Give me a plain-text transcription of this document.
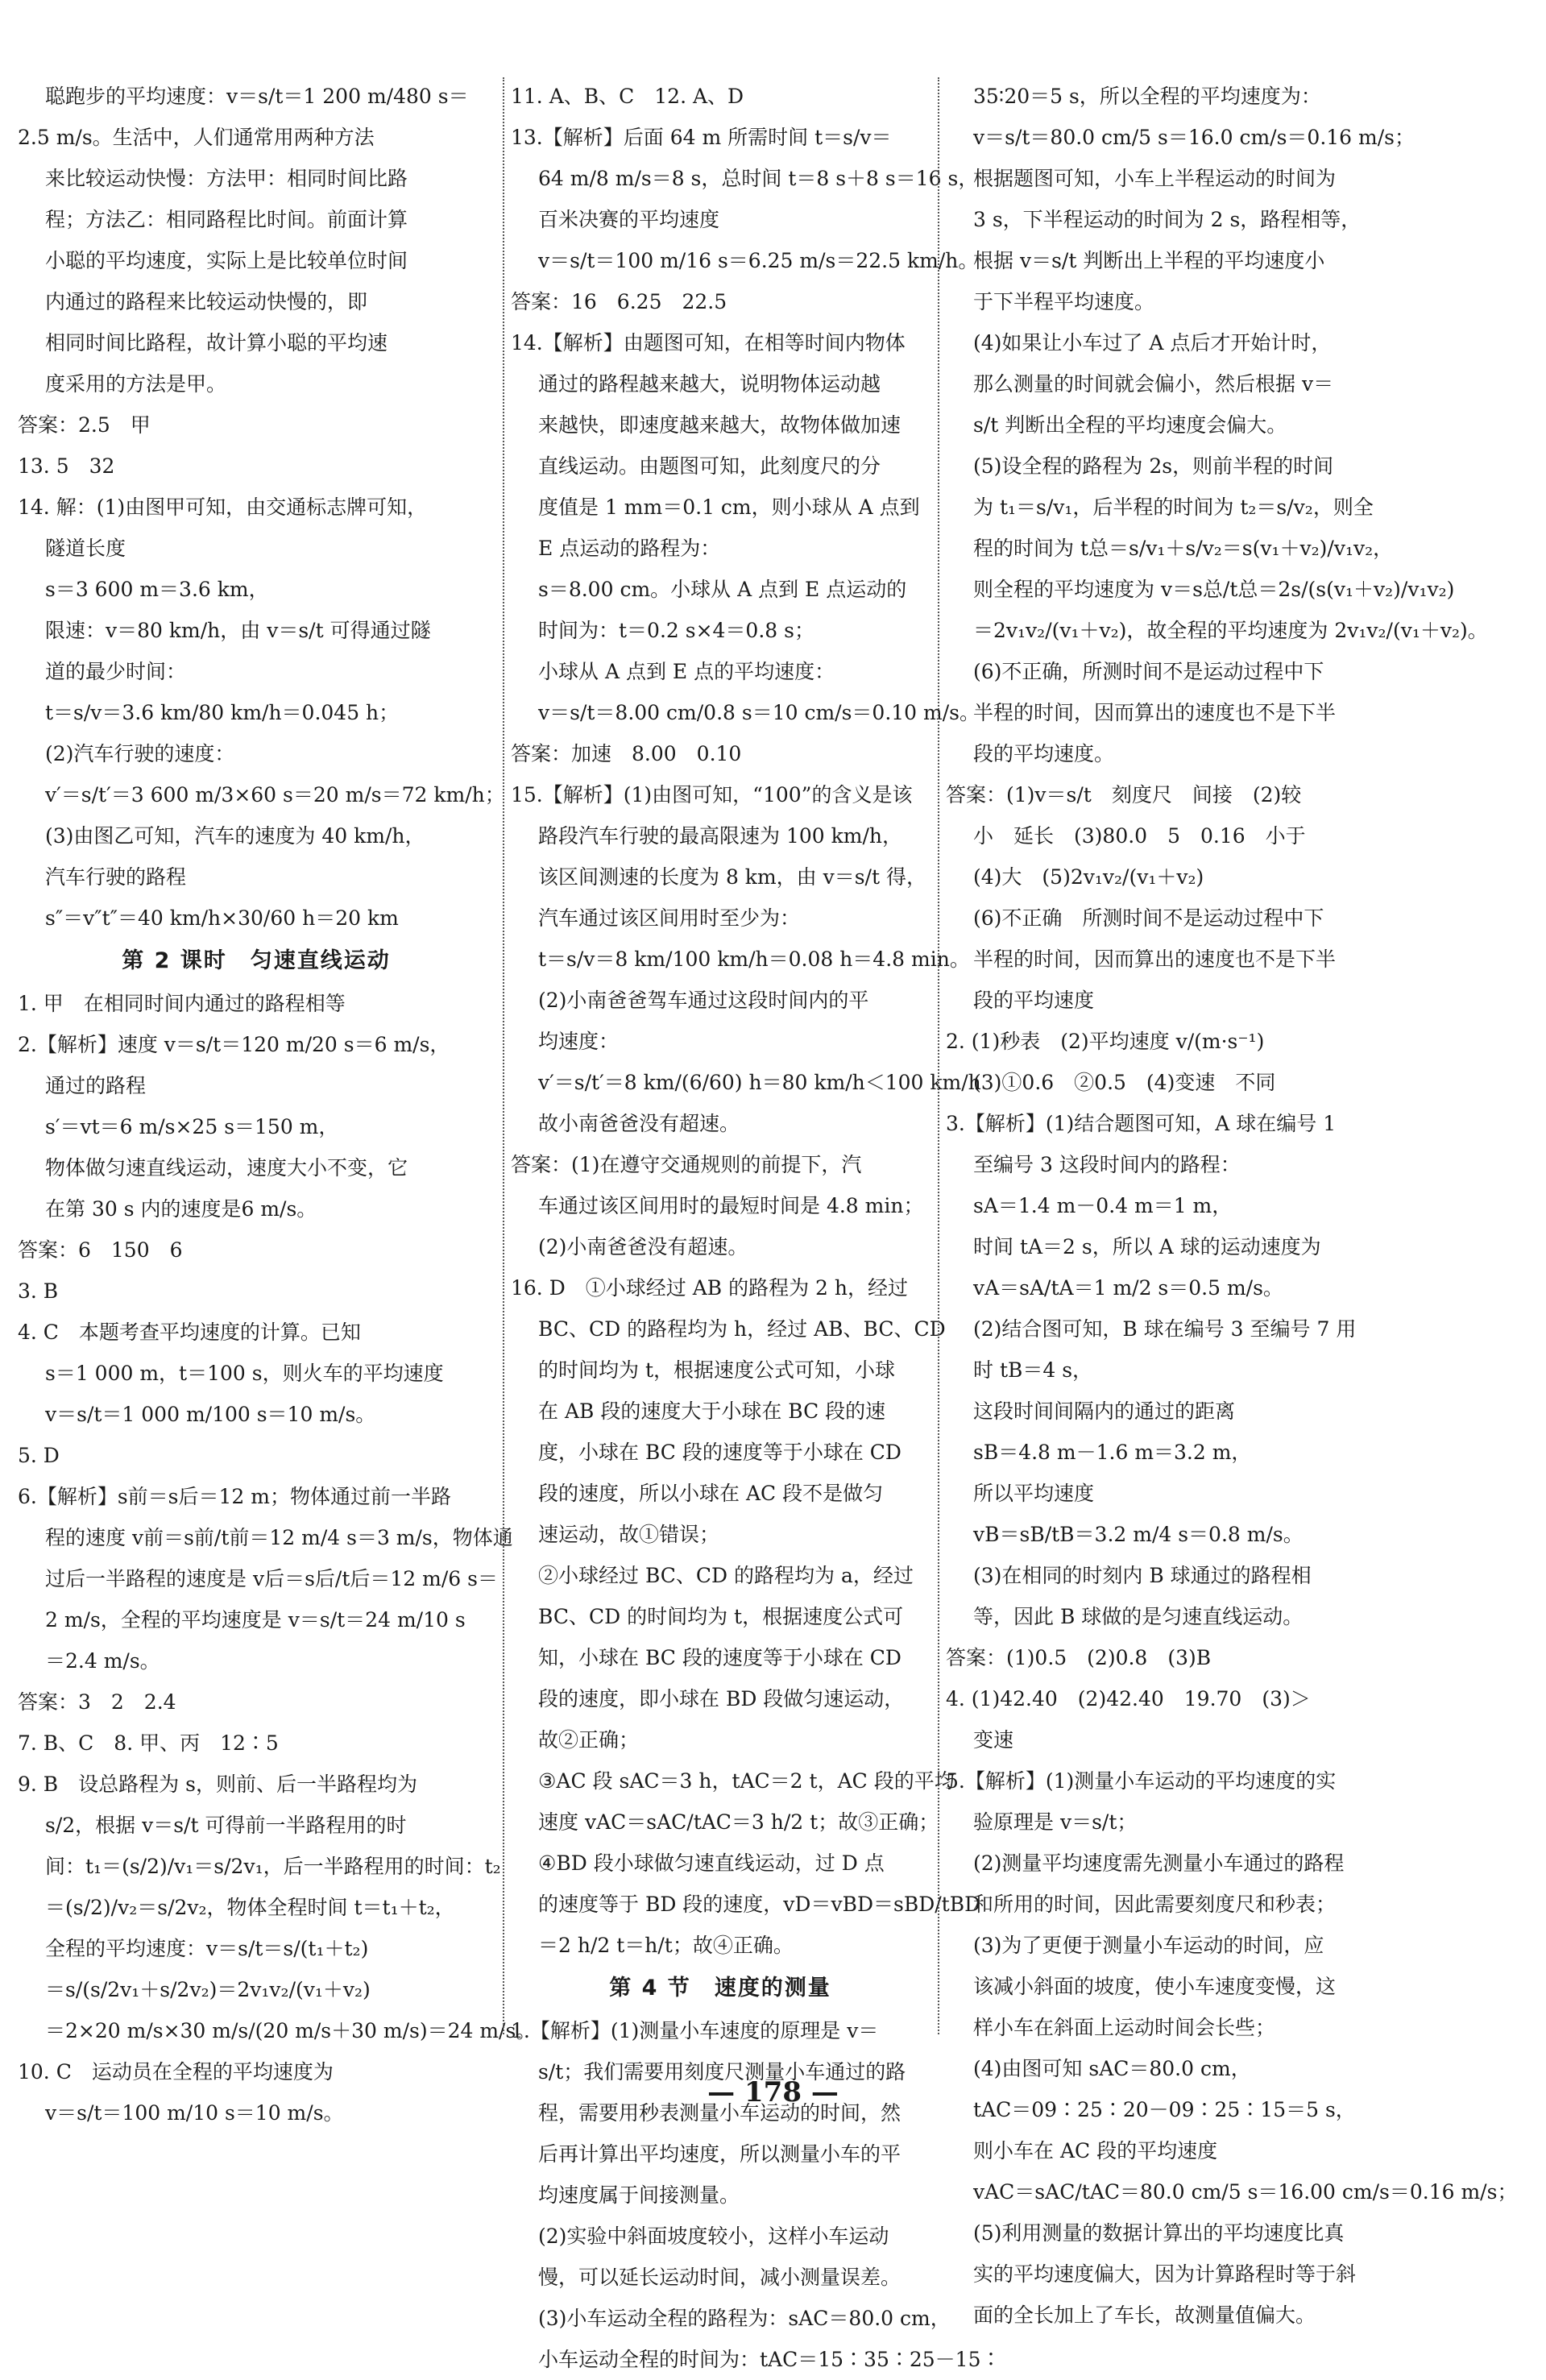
聪跑步的平均速度：v＝s/t＝1 200 m/480 s＝

2.5 m/s。生活中，人们通常用两种方法

来比较运动快慢：方法甲：相同时间比路

程；方法乙：相同路程比时间。前面计算

小聪的平均速度，实际上是比较单位时间

内通过的路程来比较运动快慢的，即

相同时间比路程，故计算小聪的平均速

度采用的方法是甲。

答案：2.5　甲

13. 5　32

14. 解：(1)由图甲可知，由交通标志牌可知，

隧道长度

s＝3 600 m＝3.6 km，

限速：v＝80 km/h，由 v＝s/t 可得通过隧

道的最少时间：

t＝s/v＝3.6 km/80 km/h＝0.045 h；

(2)汽车行驶的速度：

v′＝s/t′＝3 600 m/3×60 s＝20 m/s＝72 km/h；

(3)由图乙可知，汽车的速度为 40 km/h，

汽车行驶的路程

s″＝v″t″＝40 km/h×30/60 h＝20 km

第 2 课时　匀速直线运动

1. 甲　在相同时间内通过的路程相等

2.【解析】速度 v＝s/t＝120 m/20 s＝6 m/s，

通过的路程

s′＝vt＝6 m/s×25 s＝150 m，

物体做匀速直线运动，速度大小不变，它

在第 30 s 内的速度是6 m/s。

答案：6　150　6

3. B

4. C　本题考查平均速度的计算。已知

s＝1 000 m，t＝100 s，则火车的平均速度

v＝s/t＝1 000 m/100 s＝10 m/s。

5. D

6.【解析】s前＝s后＝12 m；物体通过前一半路

程的速度 v前＝s前/t前＝12 m/4 s＝3 m/s，物体通

过后一半路程的速度是 v后＝s后/t后＝12 m/6 s＝

2 m/s，全程的平均速度是 v＝s/t＝24 m/10 s

＝2.4 m/s。

答案：3　2　2.4

7. B、C　8. 甲、丙　12∶5

9. B　设总路程为 s，则前、后一半路程均为

s/2，根据 v＝s/t 可得前一半路程用的时

间：t₁＝(s/2)/v₁＝s/2v₁，后一半路程用的时间：t₂

＝(s/2)/v₂＝s/2v₂，物体全程时间 t＝t₁＋t₂，

全程的平均速度：v＝s/t＝s/(t₁＋t₂)

＝s/(s/2v₁＋s/2v₂)＝2v₁v₂/(v₁＋v₂)

＝2×20 m/s×30 m/s/(20 m/s＋30 m/s)＝24 m/s。

10. C　运动员在全程的平均速度为

v＝s/t＝100 m/10 s＝10 m/s。

11. A、B、C　12. A、D

13.【解析】后面 64 m 所需时间 t＝s/v＝

64 m/8 m/s＝8 s，总时间 t＝8 s＋8 s＝16 s，

百米决赛的平均速度

v＝s/t＝100 m/16 s＝6.25 m/s＝22.5 km/h。

答案：16　6.25　22.5

14.【解析】由题图可知，在相等时间内物体

通过的路程越来越大，说明物体运动越

来越快，即速度越来越大，故物体做加速

直线运动。由题图可知，此刻度尺的分

度值是 1 mm＝0.1 cm，则小球从 A 点到

E 点运动的路程为：

s＝8.00 cm。小球从 A 点到 E 点运动的

时间为：t＝0.2 s×4＝0.8 s；

小球从 A 点到 E 点的平均速度：

v＝s/t＝8.00 cm/0.8 s＝10 cm/s＝0.10 m/s。

答案：加速　8.00　0.10

15.【解析】(1)由图可知，“100”的含义是该

路段汽车行驶的最高限速为 100 km/h，

该区间测速的长度为 8 km，由 v＝s/t 得，

汽车通过该区间用时至少为：

t＝s/v＝8 km/100 km/h＝0.08 h＝4.8 min。

(2)小南爸爸驾车通过这段时间内的平

均速度：

v′＝s/t′＝8 km/(6/60) h＝80 km/h＜100 km/h

故小南爸爸没有超速。

答案：(1)在遵守交通规则的前提下，汽

车通过该区间用时的最短时间是 4.8 min；

(2)小南爸爸没有超速。

16. D　①小球经过 AB 的路程为 2 h，经过

BC、CD 的路程均为 h，经过 AB、BC、CD

的时间均为 t，根据速度公式可知，小球

在 AB 段的速度大于小球在 BC 段的速

度，小球在 BC 段的速度等于小球在 CD

段的速度，所以小球在 AC 段不是做匀

速运动，故①错误；

②小球经过 BC、CD 的路程均为 a，经过

BC、CD 的时间均为 t，根据速度公式可

知，小球在 BC 段的速度等于小球在 CD

段的速度，即小球在 BD 段做匀速运动，

故②正确；

③AC 段 sAC＝3 h，tAC＝2 t，AC 段的平均

速度 vAC＝sAC/tAC＝3 h/2 t；故③正确；

④BD 段小球做匀速直线运动，过 D 点

的速度等于 BD 段的速度，vD＝vBD＝sBD/tBD

＝2 h/2 t＝h/t；故④正确。

第 4 节　速度的测量

1.【解析】(1)测量小车速度的原理是 v＝

s/t；我们需要用刻度尺测量小车通过的路

程，需要用秒表测量小车运动的时间，然

后再计算出平均速度，所以测量小车的平

均速度属于间接测量。

(2)实验中斜面坡度较小，这样小车运动

慢，可以延长运动时间，减小测量误差。

(3)小车运动全程的路程为：sAC＝80.0 cm，

小车运动全程的时间为：tAC＝15∶35∶25－15∶

35∶20＝5 s，所以全程的平均速度为：

v＝s/t＝80.0 cm/5 s＝16.0 cm/s＝0.16 m/s；

根据题图可知，小车上半程运动的时间为

3 s，下半程运动的时间为 2 s，路程相等，

根据 v＝s/t 判断出上半程的平均速度小

于下半程平均速度。

(4)如果让小车过了 A 点后才开始计时，

那么测量的时间就会偏小，然后根据 v＝

s/t 判断出全程的平均速度会偏大。

(5)设全程的路程为 2s，则前半程的时间

为 t₁＝s/v₁，后半程的时间为 t₂＝s/v₂，则全

程的时间为 t总＝s/v₁＋s/v₂＝s(v₁＋v₂)/v₁v₂，

则全程的平均速度为 v＝s总/t总＝2s/(s(v₁＋v₂)/v₁v₂)

＝2v₁v₂/(v₁＋v₂)，故全程的平均速度为 2v₁v₂/(v₁＋v₂)。

(6)不正确，所测时间不是运动过程中下

半程的时间，因而算出的速度也不是下半

段的平均速度。

答案：(1)v＝s/t　刻度尺　间接　(2)较

小　延长　(3)80.0　5　0.16　小于

(4)大　(5)2v₁v₂/(v₁＋v₂)

(6)不正确　所测时间不是运动过程中下

半程的时间，因而算出的速度也不是下半

段的平均速度

2. (1)秒表　(2)平均速度 v/(m·s⁻¹)

(3)①0.6　②0.5　(4)变速　不同

3.【解析】(1)结合题图可知，A 球在编号 1

至编号 3 这段时间内的路程：

sA＝1.4 m－0.4 m＝1 m，

时间 tA＝2 s，所以 A 球的运动速度为

vA＝sA/tA＝1 m/2 s＝0.5 m/s。

(2)结合图可知，B 球在编号 3 至编号 7 用

时 tB＝4 s，

这段时间间隔内的通过的距离

sB＝4.8 m－1.6 m＝3.2 m，

所以平均速度

vB＝sB/tB＝3.2 m/4 s＝0.8 m/s。

(3)在相同的时刻内 B 球通过的路程相

等，因此 B 球做的是匀速直线运动。

答案：(1)0.5　(2)0.8　(3)B

4. (1)42.40　(2)42.40　19.70　(3)＞

变速

5.【解析】(1)测量小车运动的平均速度的实

验原理是 v＝s/t；

(2)测量平均速度需先测量小车通过的路程

和所用的时间，因此需要刻度尺和秒表；

(3)为了更便于测量小车运动的时间，应

该减小斜面的坡度，使小车速度变慢，这

样小车在斜面上运动时间会长些；

(4)由图可知 sAC＝80.0 cm，

tAC＝09∶25∶20－09∶25∶15＝5 s，

则小车在 AC 段的平均速度

vAC＝sAC/tAC＝80.0 cm/5 s＝16.00 cm/s＝0.16 m/s；

(5)利用测量的数据计算出的平均速度比真

实的平均速度偏大，因为计算路程时等于斜

面的全长加上了车长，故测量值偏大。

— 178 —
